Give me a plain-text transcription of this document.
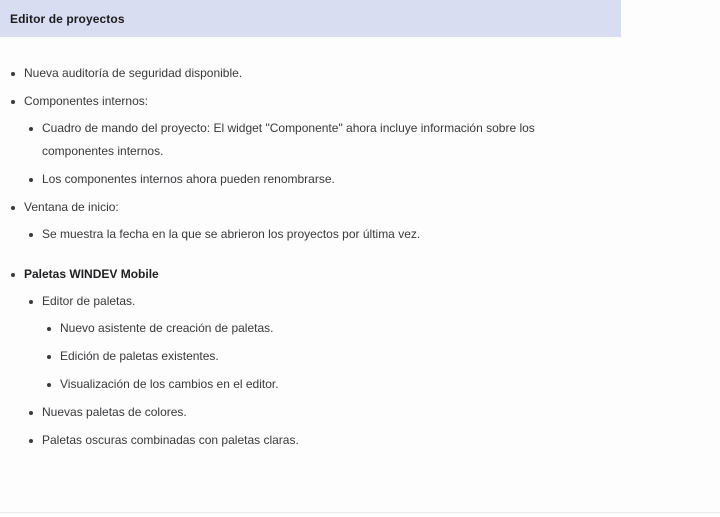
Editor de proyectos
Nueva auditoría de seguridad disponible.
Componentes internos:
Cuadro de mando del proyecto: El widget "Componente" ahora incluye información sobre los componentes internos.
Los componentes internos ahora pueden renombrarse.
Ventana de inicio:
Se muestra la fecha en la que se abrieron los proyectos por última vez.
Paletas WINDEV Mobile
Editor de paletas.
Nuevo asistente de creación de paletas.
Edición de paletas existentes.
Visualización de los cambios en el editor.
Nuevas paletas de colores.
Paletas oscuras combinadas con paletas claras.
